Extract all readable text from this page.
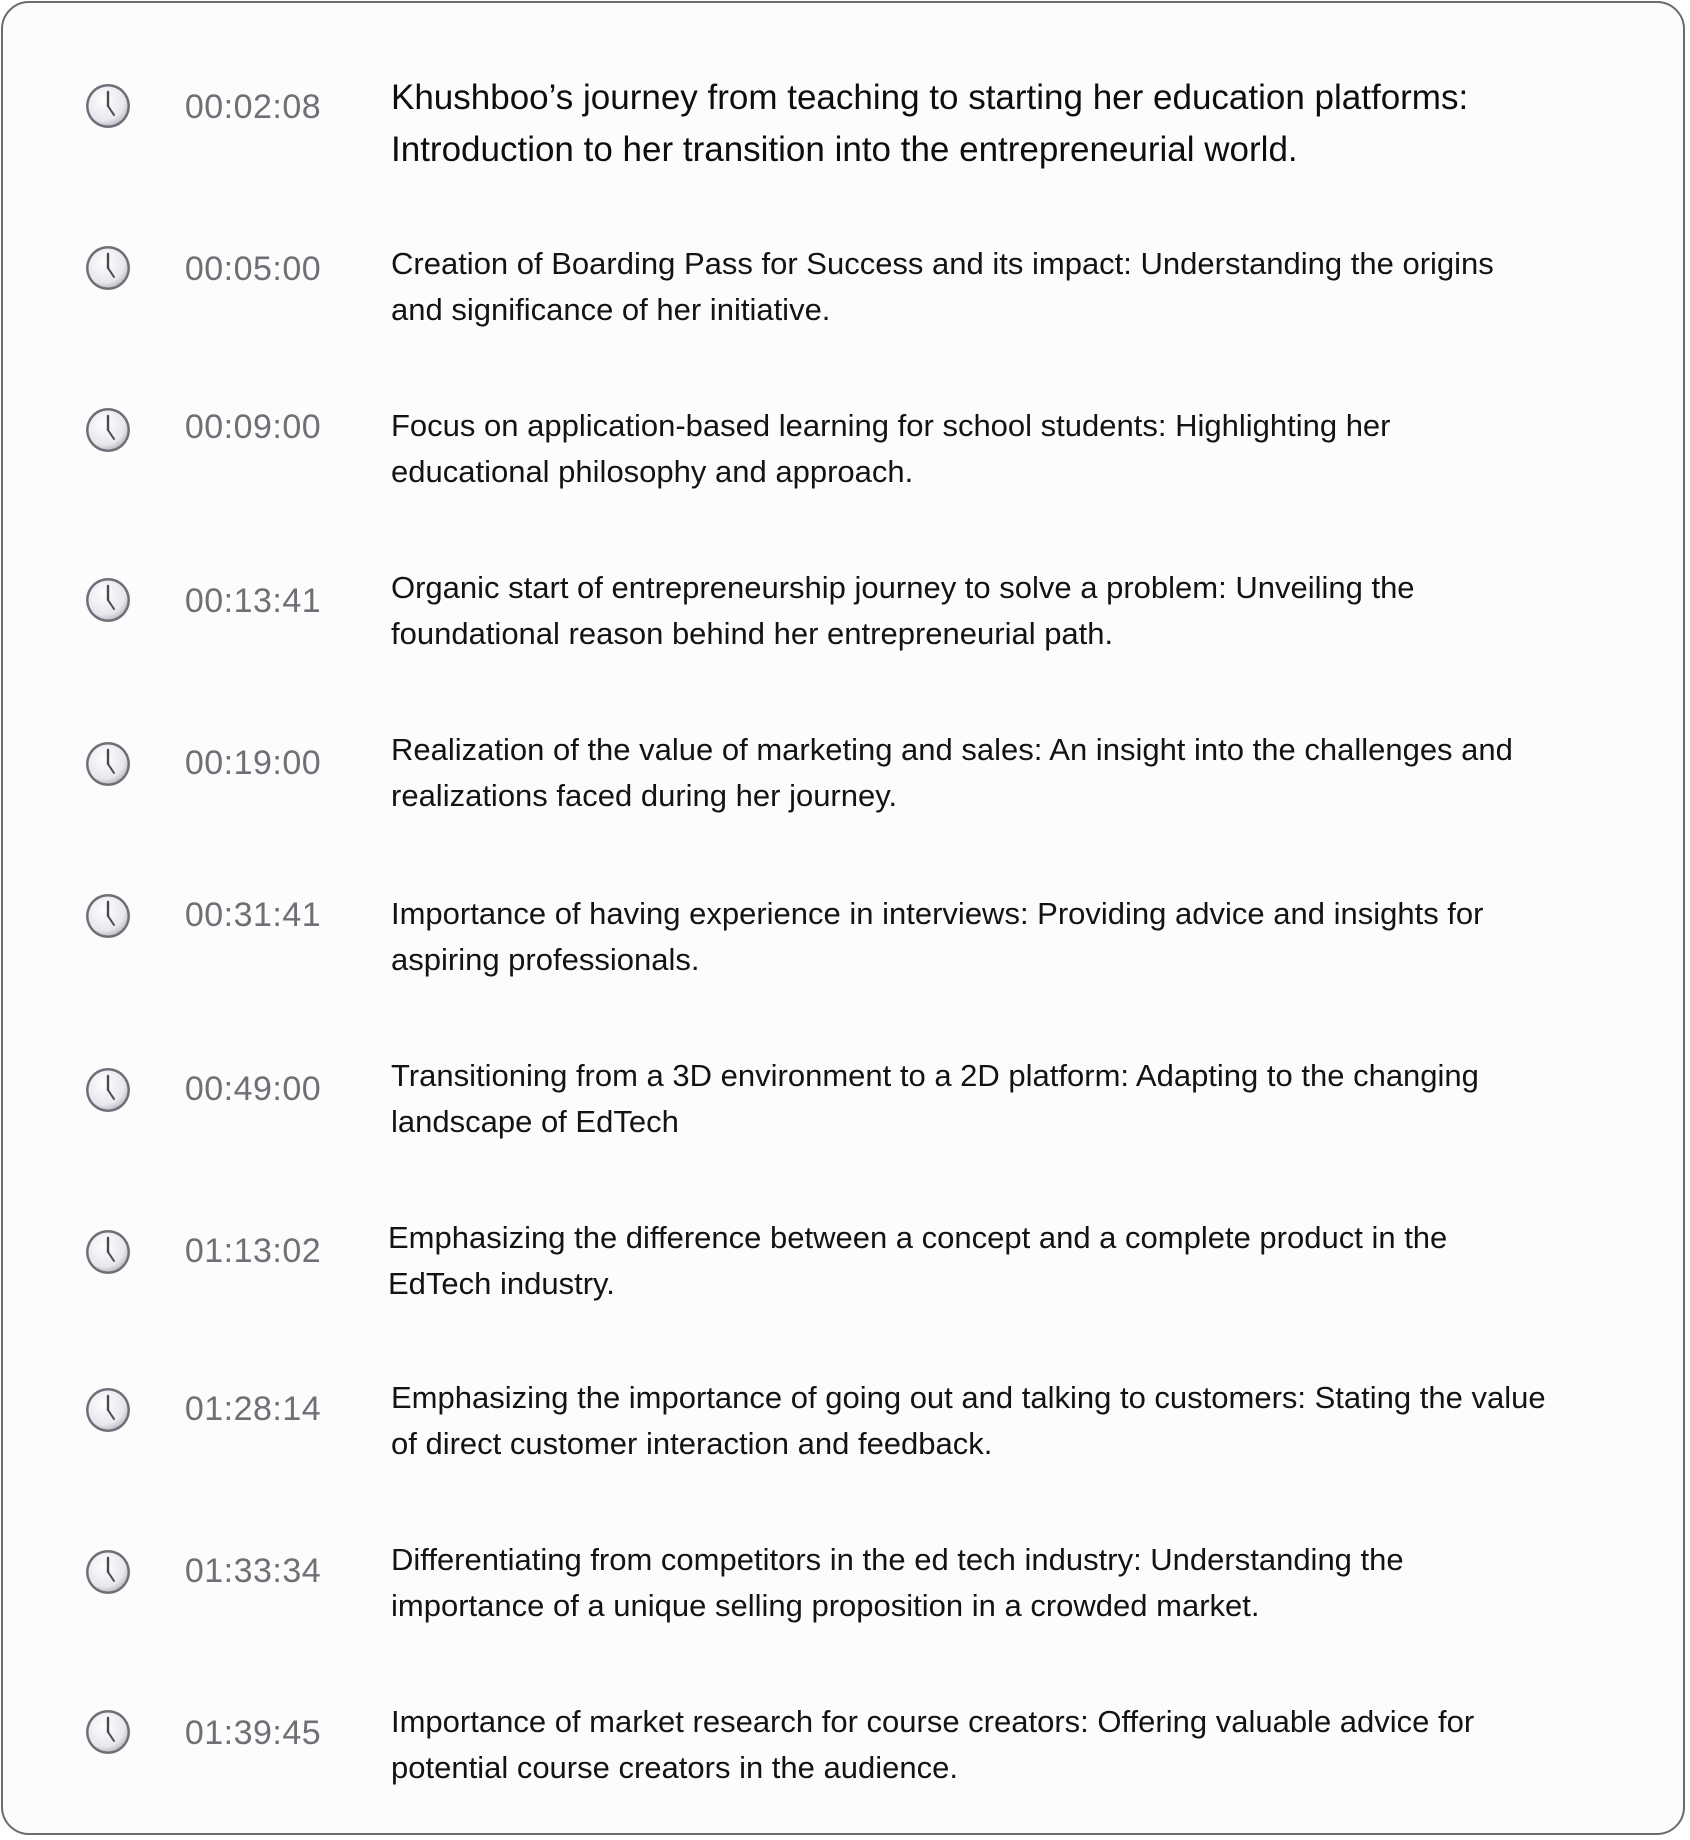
00:02:08	Khushboo’s journey from teaching to starting her education platforms: Introduction to her transition into the entrepreneurial world.
00:05:00	Creation of Boarding Pass for Success and its impact: Understanding the origins and significance of her initiative.
00:09:00	Focus on application-based learning for school students: Highlighting her educational philosophy and approach.
00:13:41	Organic start of entrepreneurship journey to solve a problem: Unveiling the foundational reason behind her entrepreneurial path.
00:19:00	Realization of the value of marketing and sales: An insight into the challenges and realizations faced during her journey.
00:31:41	Importance of having experience in interviews: Providing advice and insights for aspiring professionals.
00:49:00	Transitioning from a 3D environment to a 2D platform: Adapting to the changing landscape of EdTech
01:13:02	Emphasizing the difference between a concept and a complete product in the EdTech industry.
01:28:14	Emphasizing the importance of going out and talking to customers: Stating the value of direct customer interaction and feedback.
01:33:34	Differentiating from competitors in the ed tech industry: Understanding the importance of a unique selling proposition in a crowded market.
01:39:45	Importance of market research for course creators: Offering valuable advice for potential course creators in the audience.
